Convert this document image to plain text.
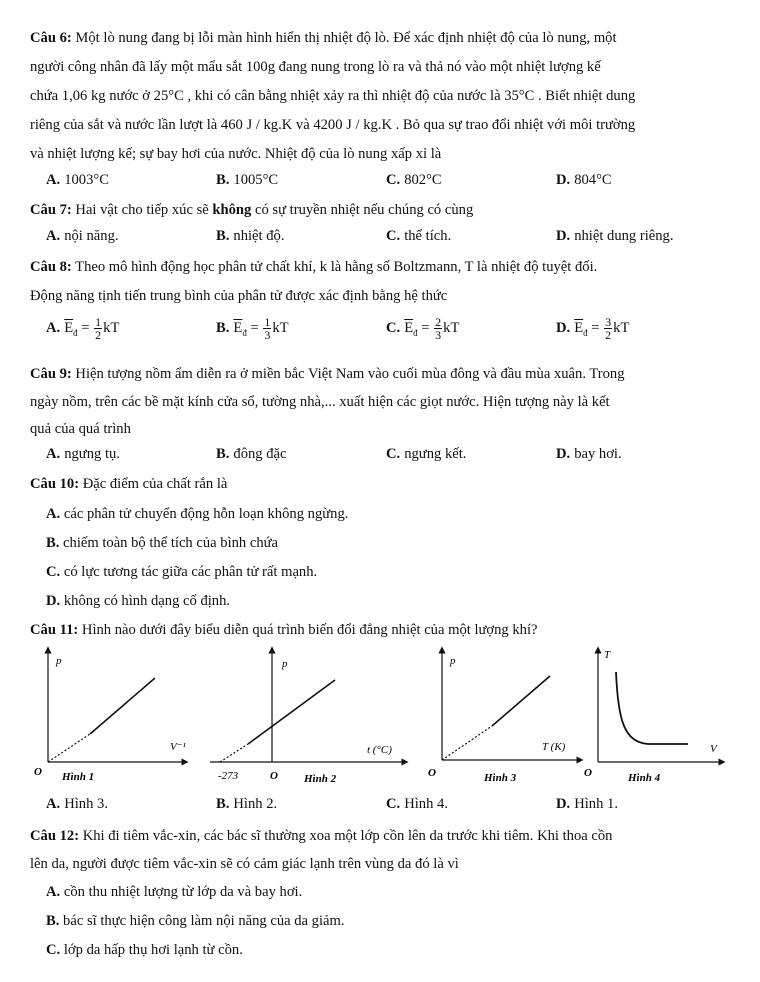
Câu 6: Một lò nung đang bị lỗi màn hình hiển thị nhiệt độ lò. Để xác định nhiệt độ của lò nung, một
người công nhân đã lấy một mẩu sắt 100g đang nung trong lò ra và thả nó vào một nhiệt lượng kế
chứa 1,06 kg nước ở 25°C , khi có cân bằng nhiệt xảy ra thì nhiệt độ của nước là 35°C . Biết nhiệt dung
riêng của sắt và nước lần lượt là 460 J / kg.K và 4200 J / kg.K . Bỏ qua sự trao đổi nhiệt với môi trường
và nhiệt lượng kế; sự bay hơi của nước. Nhiệt độ của lò nung xấp xỉ là
A. 1003°C	B. 1005°C	C. 802°C	D. 804°C
Câu 7: Hai vật cho tiếp xúc sẽ không có sự truyền nhiệt nếu chúng có cùng
A. nội năng.	B. nhiệt độ.	C. thể tích.	D. nhiệt dung riêng.
Câu 8: Theo mô hình động học phân tử chất khí, k là hằng số Boltzmann, T là nhiệt độ tuyệt đối.
Động năng tịnh tiến trung bình của phân tử được xác định bằng hệ thức
A. $\overline{E}_đ = \frac{1}{2}$ kT	B. $\overline{E}_đ = \frac{1}{3}$ kT	C. $\overline{E}_đ = \frac{2}{3}$ kT	D. $\overline{E}_đ = \frac{3}{2}$ kT
Câu 9: Hiện tượng nồm ẩm diễn ra ở miền bắc Việt Nam vào cuối mùa đông và đầu mùa xuân. Trong
ngày nồm, trên các bề mặt kính cửa sổ, tường nhà,... xuất hiện các giọt nước. Hiện tượng này là kết
quả của quá trình
A. ngưng tụ.	B. đông đặc	C. ngưng kết.	D. bay hơi.
Câu 10: Đặc điểm của chất rắn là
A. các phân tử chuyển động hỗn loạn không ngừng.
B. chiếm toàn bộ thể tích của bình chứa
C. có lực tương tác giữa các phân tử rất mạnh.
D. không có hình dạng cố định.
Câu 11: Hình nào dưới đây biểu diễn quá trình biến đổi đẳng nhiệt của một lượng khí?
p
V⁻¹
O Hình 1
p
t (°C)
-273	O Hình 2
p
T (K)
O	Hình 3
T
V
O	Hình 4
A. Hình 3.	B. Hình 2.	C. Hình 4.	D. Hình 1.
Câu 12: Khi đi tiêm vắc-xin, các bác sĩ thường xoa một lớp cồn lên da trước khi tiêm. Khi thoa cồn
lên da, người được tiêm vắc-xin sẽ có cảm giác lạnh trên vùng da đó là vì
A. cồn thu nhiệt lượng từ lớp da và bay hơi.
B. bác sĩ thực hiện công làm nội năng của da giảm.
C. lớp da hấp thụ hơi lạnh từ cồn.
